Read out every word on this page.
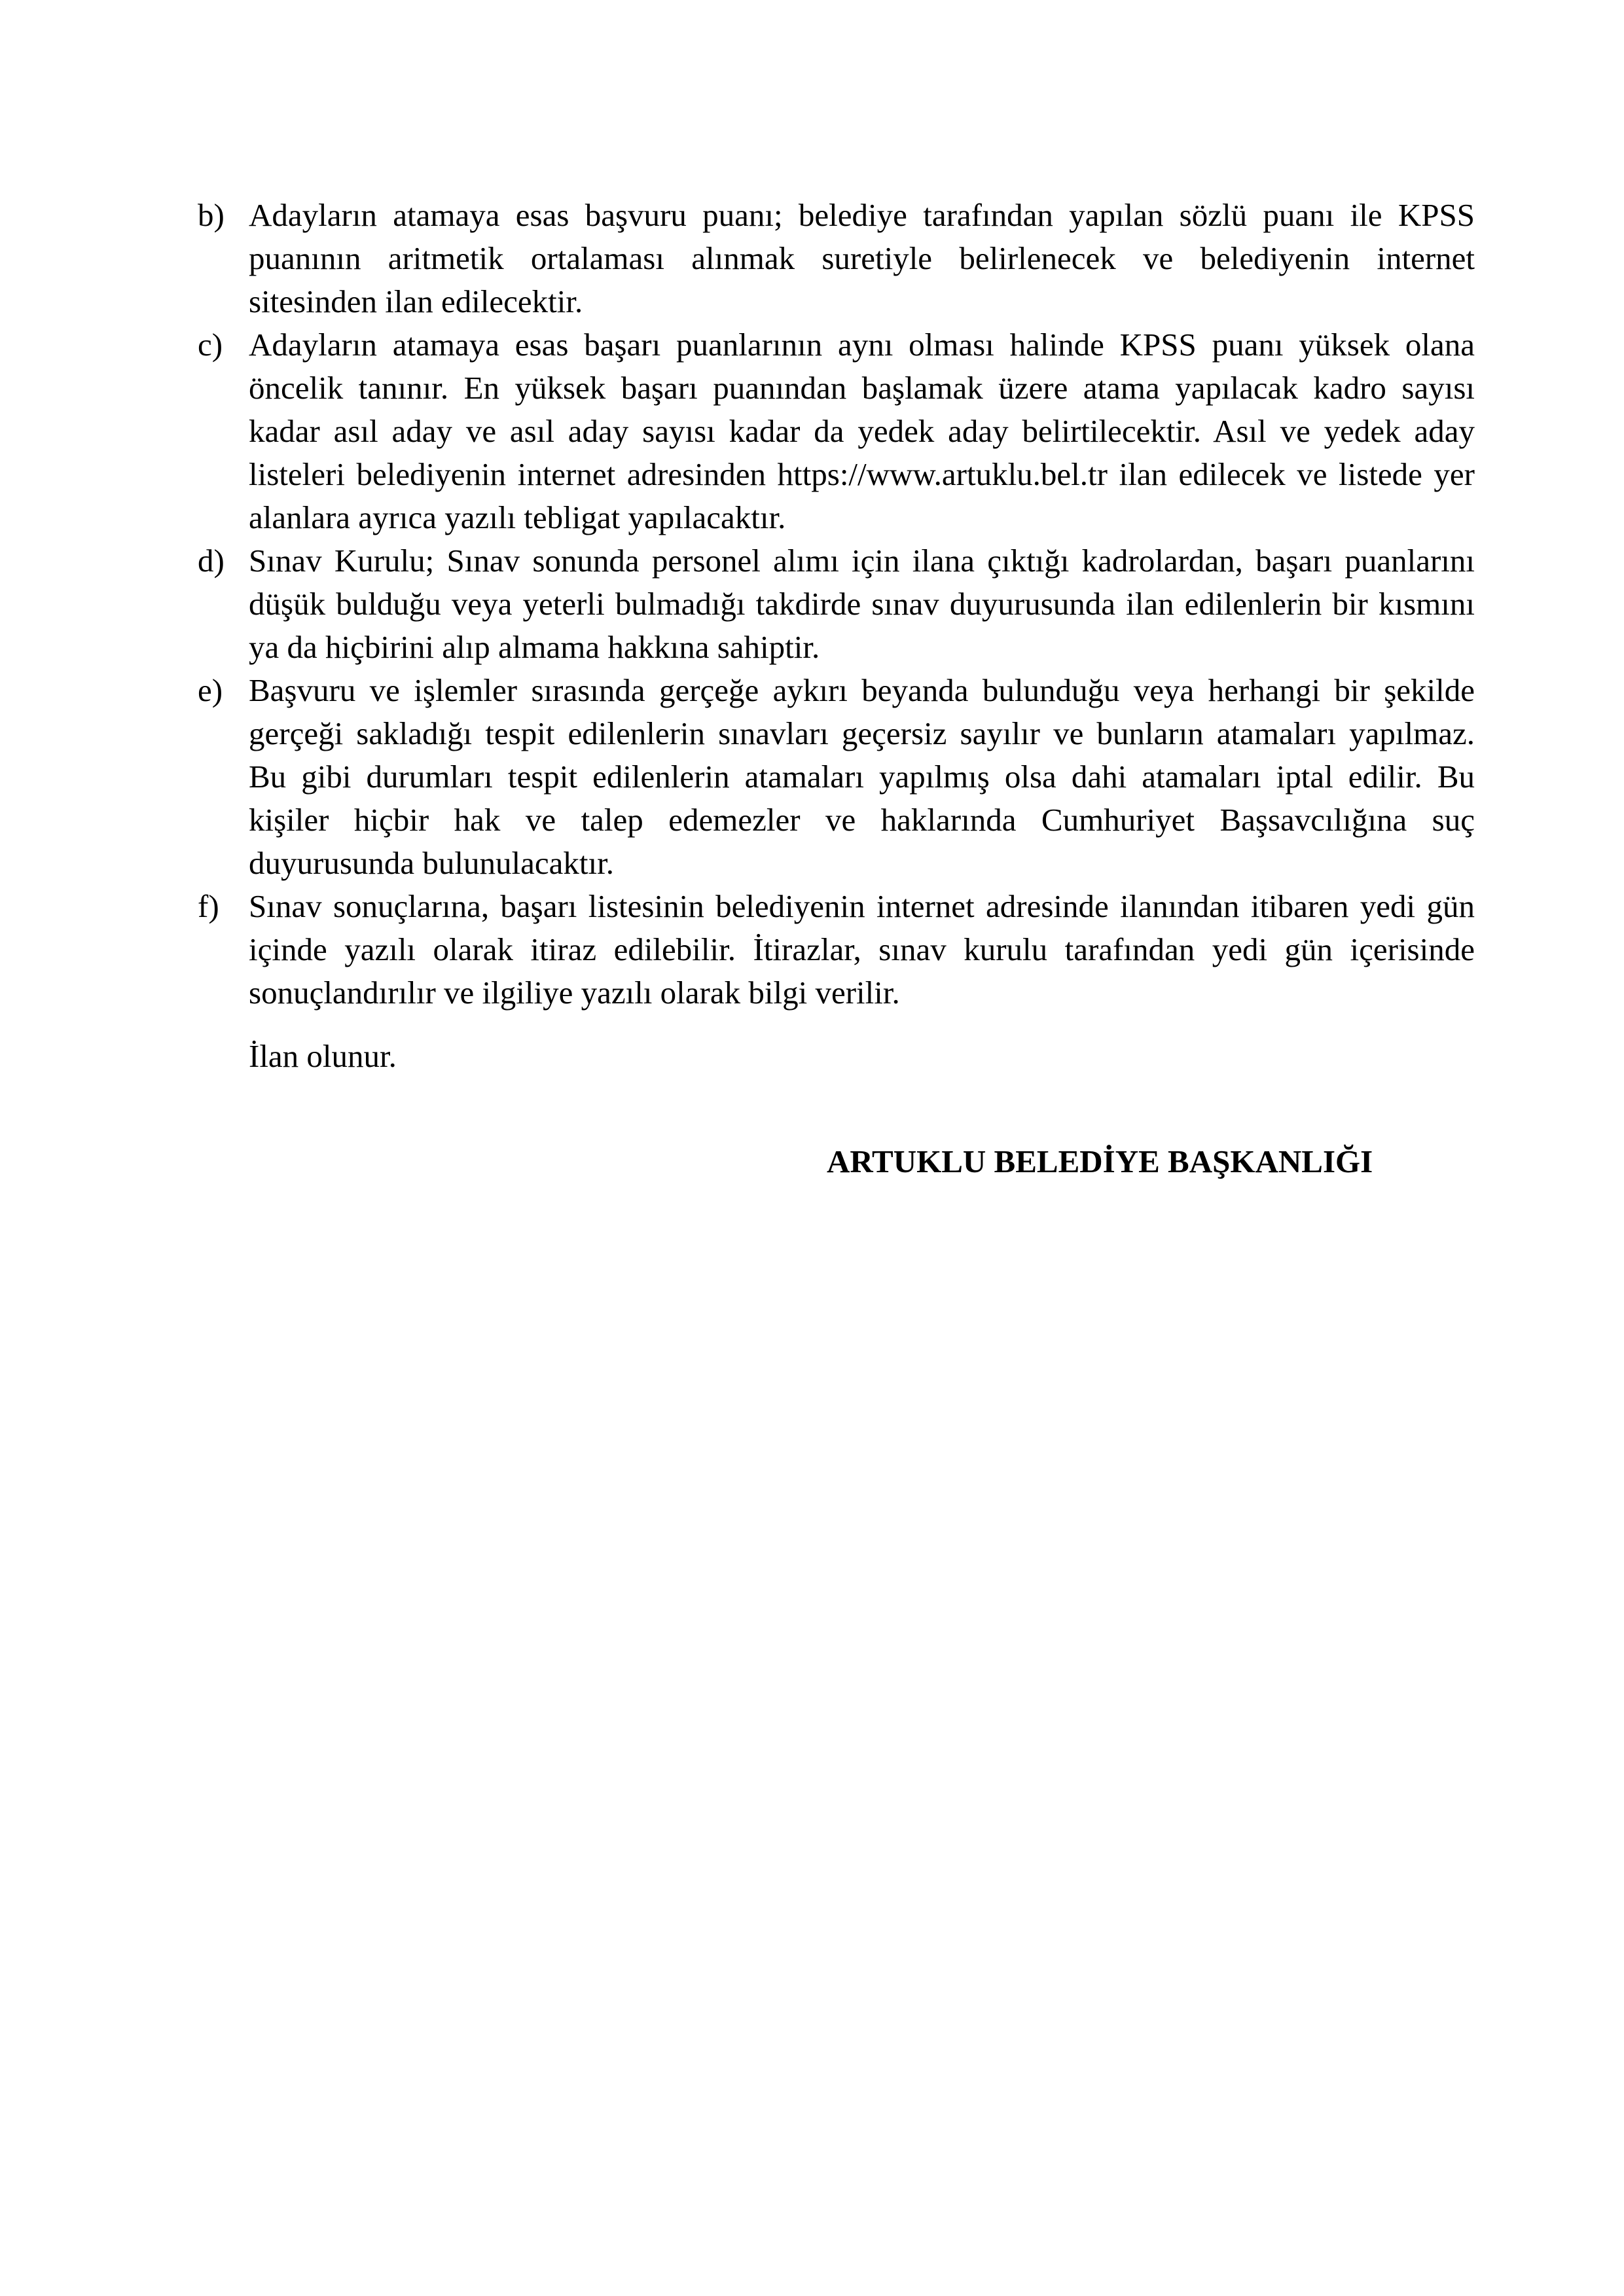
b) Adayların atamaya esas başvuru puanı; belediye tarafından yapılan sözlü puanı ile KPSS
puanının aritmetik ortalaması alınmak suretiyle belirlenecek ve belediyenin internet
sitesinden ilan edilecektir.
c) Adayların atamaya esas başarı puanlarının aynı olması halinde KPSS puanı yüksek olana
öncelik tanınır. En yüksek başarı puanından başlamak üzere atama yapılacak kadro sayısı
kadar asıl aday ve asıl aday sayısı kadar da yedek aday belirtilecektir. Asıl ve yedek aday
listeleri belediyenin internet adresinden https://www.artuklu.bel.tr ilan edilecek ve listede yer
alanlara ayrıca yazılı tebligat yapılacaktır.
d) Sınav Kurulu; Sınav sonunda personel alımı için ilana çıktığı kadrolardan, başarı puanlarını
düşük bulduğu veya yeterli bulmadığı takdirde sınav duyurusunda ilan edilenlerin bir kısmını
ya da hiçbirini alıp almama hakkına sahiptir.
e) Başvuru ve işlemler sırasında gerçeğe aykırı beyanda bulunduğu veya herhangi bir şekilde
gerçeği sakladığı tespit edilenlerin sınavları geçersiz sayılır ve bunların atamaları yapılmaz.
Bu gibi durumları tespit edilenlerin atamaları yapılmış olsa dahi atamaları iptal edilir. Bu
kişiler hiçbir hak ve talep edemezler ve haklarında Cumhuriyet Başsavcılığına suç
duyurusunda bulunulacaktır.
f) Sınav sonuçlarına, başarı listesinin belediyenin internet adresinde ilanından itibaren yedi gün
içinde yazılı olarak itiraz edilebilir. İtirazlar, sınav kurulu tarafından yedi gün içerisinde
sonuçlandırılır ve ilgiliye yazılı olarak bilgi verilir.

İlan olunur.

ARTUKLU BELEDİYE BAŞKANLIĞI
